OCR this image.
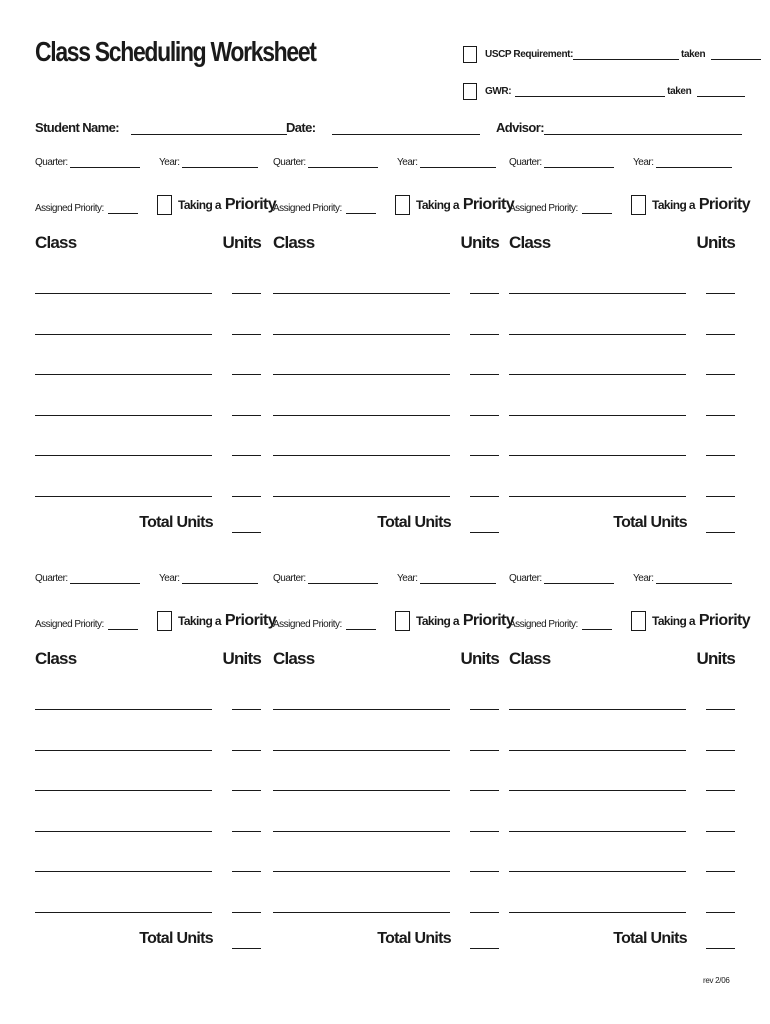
Class Scheduling Worksheet	USCP Requirement:	taken
GWR:	taken
Student Name:	Date:	Advisor:
Quarter:	Year:
Assigned Priority:	Taking a Priority
Class	Units
Total Units
Quarter:	Year:
Assigned Priority:	Taking a Priority
Class	Units
Total Units
Quarter:	Year:
Assigned Priority:	Taking a Priority
Class	Units
Total Units
Quarter:	Year:
Assigned Priority:	Taking a Priority
Class	Units
Total Units
Quarter:	Year:
Assigned Priority:	Taking a Priority
Class	Units
Total Units
Quarter:	Year:
Assigned Priority:	Taking a Priority
Class	Units
Total Units
rev 2/06
